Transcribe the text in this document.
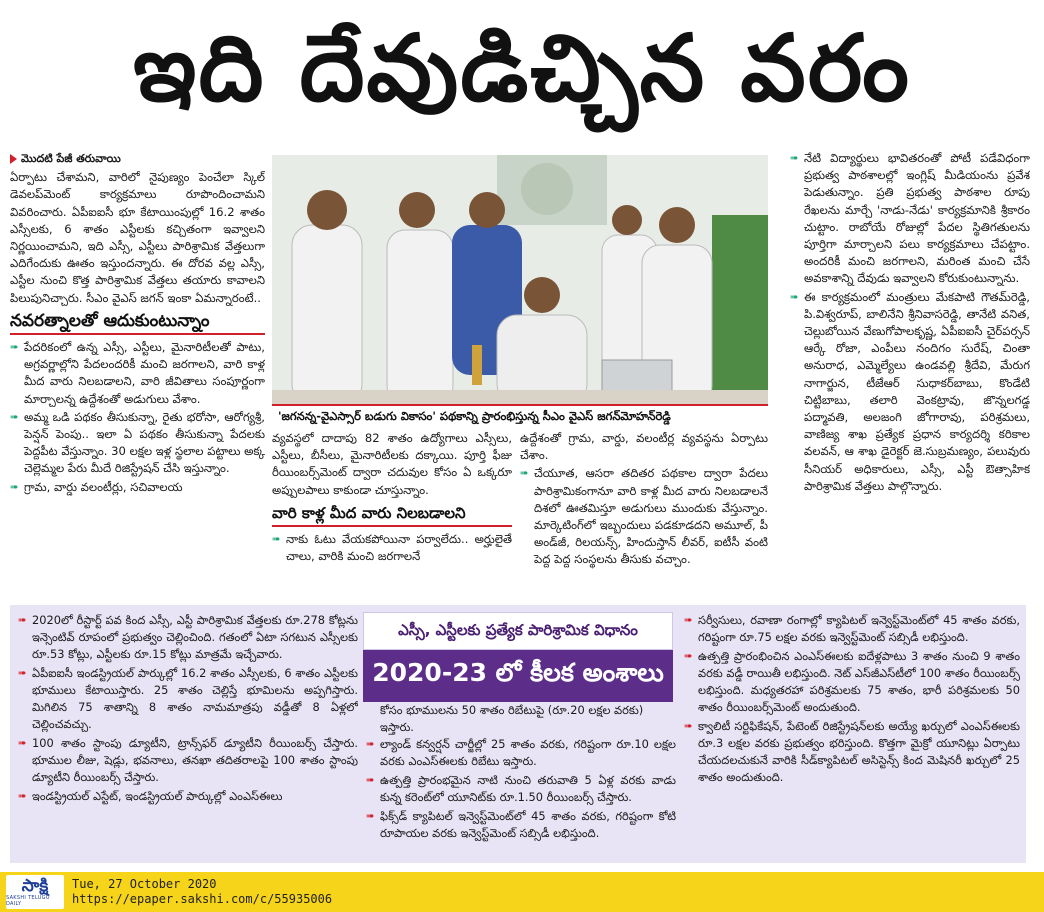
ఇది దేవుడిచ్చిన వరం
మొదటి పేజీ తరువాయి

ఏర్పాటు చేశామని, వారిలో నైపుణ్యం పెంచేలా స్కిల్ డెవలప్‌మెంట్ కార్యక్రమాలు రూపొందించామని వివరించారు. ఏపీఐఐసీ భూ కేటాయింపుల్లో 16.2 శాతం ఎస్సీలకు, 6 శాతం ఎస్టీలకు కచ్చితంగా ఇవ్వాలని నిర్ణయించామని, ఇది ఎస్సీ, ఎస్టీలు పారిశ్రామిక వేత్తలుగా ఎదిగేందుకు ఊతం ఇస్తుందన్నారు. ఈ దోరవ వల్ల ఎస్సీ, ఎస్టీల నుంచి కొత్త పారిశ్రామిక వేత్తలు తయారు కావాలని పిలుపునిచ్చారు. సీఎం వైఎస్ జగన్ ఇంకా ఏమన్నారంటే..

నవరత్నాలతో ఆదుకుంటున్నాం

➠ పేదరికంలో ఉన్న ఎస్సీ, ఎస్టీలు, మైనారిటీలతో పాటు, అగ్రవర్ణాల్లోని పేదలందరికీ మంచి జరగాలని, వారి కాళ్ల మీద వారు నిలబడాలని, వారి జీవితాలు సంపూర్ణంగా మార్చాలన్న ఉద్దేశంతో అడుగులు వేశాం.

➠ అమ్మ ఒడి పథకం తీసుకున్నా, రైతు భరోసా, ఆరోగ్యశ్రీ, పెన్షన్ పెంపు.. ఇలా ఏ పథకం తీసుకున్నా పేదలకు పెద్దపీట వేస్తున్నాం. 30 లక్షల ఇళ్ల స్థలాల పట్టాలు అక్క చెల్లెమ్మల పేరు మీదే రిజిస్ట్రేషన్ చేసి ఇస్తున్నాం.

➠ గ్రామ, వార్డు వలంటీర్లు, సచివాలయ

'జగనన్న-వైఎస్సార్ బడుగు వికాసం' పథకాన్ని ప్రారంభిస్తున్న సీఎం వైఎస్ జగన్‌మోహన్‌రెడ్డి

వ్యవస్థలో దాదాపు 82 శాతం ఉద్యోగాలు ఎస్సీలు, ఎస్టీలు, బీసీలు, మైనారిటీలకు దక్కాయి. పూర్తి ఫీజు రీయింబర్స్‌మెంట్ ద్వారా చదువుల కోసం ఏ ఒక్కరూ అప్పులపాలు కాకుండా చూస్తున్నాం.

వారి కాళ్ల మీద వారు నిలబడాలని

➠ నాకు ఓటు వేయకపోయినా పర్వాలేదు.. అర్హులైతే చాలు, వారికి మంచి జరగాలనే

ఉద్దేశంతో గ్రామ, వార్డు, వలంటీర్ల వ్యవస్థను ఏర్పాటు చేశాం.

➠ చేయూత, ఆసరా తదితర పథకాల ద్వారా పేదలు పారిశ్రామికంగానూ వారి కాళ్ల మీద వారు నిలబడాలనే దిశలో ఊతమిస్తూ అడుగులు ముందుకు వేస్తున్నాం. మార్కెటింగ్‌లో ఇబ్బందులు పడకూడదని అమూల్, పీ అండ్‌జీ, రిలయన్స్, హిందుస్తాన్ లీవర్, ఐటీసీ వంటి పెద్ద పెద్ద సంస్థలను తీసుకు వచ్చాం.

➠ నేటి విద్యార్థులు భావితరంతో పోటీ పడేవిధంగా ప్రభుత్వ పాఠశాలల్లో ఇంగ్లిష్ మీడియంను ప్రవేశ పెడుతున్నాం. ప్రతి ప్రభుత్వ పాఠశాల రూపు రేఖలను మార్చే 'నాడు-నేడు' కార్యక్రమానికి శ్రీకారం చుట్టాం. రాబోయే రోజుల్లో పేదల స్థితిగతులను పూర్తిగా మార్చాలని పలు కార్యక్రమాలు చేపట్టాం. అందరికీ మంచి జరగాలని, మరింత మంచి చేసే అవకాశాన్ని దేవుడు ఇవ్వాలని కోరుకుంటున్నాను.

➠ ఈ కార్యక్రమంలో మంత్రులు మేకపాటి గౌతమ్‌రెడ్డి, పి.విశ్వరూప్, బాలినేని శ్రీనివాసరెడ్డి, తానేటి వనిత, చెల్లుబోయిన వేణుగోపాలకృష్ణ, ఏపీఐఐసీ చైర్‌పర్సన్ ఆర్కే రోజా, ఎంపీలు నందిగం సురేష్, చింతా అనురాధ, ఎమ్మెల్యేలు ఉండవల్లి శ్రీదేవి, మేరుగ నాగార్జున, టీజేఆర్ సుధాకర్‌బాబు, కొండేటి చిట్టిబాబు, తలారి వెంకట్రావు, జొన్నలగడ్డ పద్మావతి, అలజంగి జోగారావు, పరిశ్రమలు, వాణిజ్య శాఖ ప్రత్యేక ప్రధాన కార్యదర్శి కరికాల వలవన్, ఆ శాఖ డైరెక్టర్ జె.సుబ్రమణ్యం, పలువురు సీనియర్ అధికారులు, ఎస్సీ, ఎస్టీ ఔత్సాహిక పారిశ్రామిక వేత్తలు పాల్గొన్నారు.

➠ 2020లో రీస్టార్ట్ పవ కింద ఎస్సీ, ఎస్టీ పారిశ్రామిక వేత్తలకు రూ.278 కోట్లను ఇన్సెంటివ్ రూపంలో ప్రభుత్వం చెల్లించింది. గతంలో ఏటా సగటున ఎస్సీలకు రూ.53 కోట్లు, ఎస్టీలకు రూ.15 కోట్లు మాత్రమే ఇచ్చేవారు.

➠ ఏపీఐఐసీ ఇండస్ట్రియల్ పార్కుల్లో 16.2 శాతం ఎస్సీలకు, 6 శాతం ఎస్టీలకు భూములు కేటాయిస్తారు. 25 శాతం చెల్లిస్తే భూమిలను అప్పగిస్తారు. మిగిలిన 75 శాతాన్ని 8 శాతం నామమాత్రపు వడ్డీతో 8 ఏళ్లలో చెల్లించవచ్చు.

➠ 100 శాతం స్టాంపు డ్యూటీని, ట్రాన్స్‌ఫర్ డ్యూటీని రీయింబర్స్ చేస్తారు. భూముల లీజు, షెడ్లు, భవనాలు, తనఖా తదితరాలపై 100 శాతం స్టాంపు డ్యూటీని రీయింబర్స్ చేస్తారు.

➠ ఇండస్ట్రియల్ ఎస్టేట్, ఇండస్ట్రియల్ పార్కుల్లో ఎంఎస్ఈలు

ఎస్సీ, ఎస్టీలకు ప్రత్యేక పారిశ్రామిక విధానం
2020-23 లో కీలక అంశాలు

కోసం భూములను 50 శాతం రిబేటుపై (రూ.20 లక్షల వరకు) ఇస్తారు.

➠ ల్యాండ్ కన్వర్షన్ చార్జీల్లో 25 శాతం వరకు, గరిష్టంగా రూ.10 లక్షల వరకు ఎంఎస్ఈలకు రిబేటు ఇస్తారు.

➠ ఉత్పత్తి ప్రారంభమైన నాటి నుంచి తరువాతి 5 ఏళ్ల వరకు వాడు కున్న కరెంట్‌లో యూనిట్‌కు రూ.1.50 రీయింబర్స్ చేస్తారు.

➠ ఫిక్స్‌డ్ క్యాపిటల్ ఇన్వెస్ట్‌మెంట్‌లో 45 శాతం వరకు, గరిష్టంగా కోటి రూపాయల వరకు ఇన్వెస్ట్‌మెంట్ సబ్సిడీ లభిస్తుంది.

➠ సర్వీసులు, రవాణా రంగాల్లో క్యాపిటల్ ఇన్వెస్ట్‌మెంట్‌లో 45 శాతం వరకు, గరిష్టంగా రూ.75 లక్షల వరకు ఇన్వెస్ట్‌మెంట్ సబ్సిడీ లభిస్తుంది.

➠ ఉత్పత్తి ప్రారంభించిన ఎంఎస్ఈలకు ఐదేళ్లపాటు 3 శాతం నుంచి 9 శాతం వరకు వడ్డీ రాయితీ లభిస్తుంది. నెట్ ఎస్‌జీఎస్‌టీలో 100 శాతం రీయింబర్స్ లభిస్తుంది. మధ్యతరహా పరిశ్రమలకు 75 శాతం, భారీ పరిశ్రమలకు 50 శాతం రీయింబర్స్‌మెంట్ అందుతుంది.

➠ క్వాలిటీ సర్టిఫికేషన్, పేటెంట్ రిజిస్ట్రేషన్‌లకు అయ్యే ఖర్చులో ఎంఎస్ఈలకు రూ.3 లక్షల వరకు ప్రభుత్వం భరిస్తుంది. కొత్తగా మైక్రో యూనిట్లు ఏర్పాటు చేయదలచుకునే వారికి సీడ్‌క్యాపిటల్ అసిస్టెన్స్ కింద మెషినరీ ఖర్చులో 25 శాతం అందుతుంది.

సాక్షి
SAKSHI TELUGU DAILY
Tue, 27 October 2020
https://epaper.sakshi.com/c/55935006
